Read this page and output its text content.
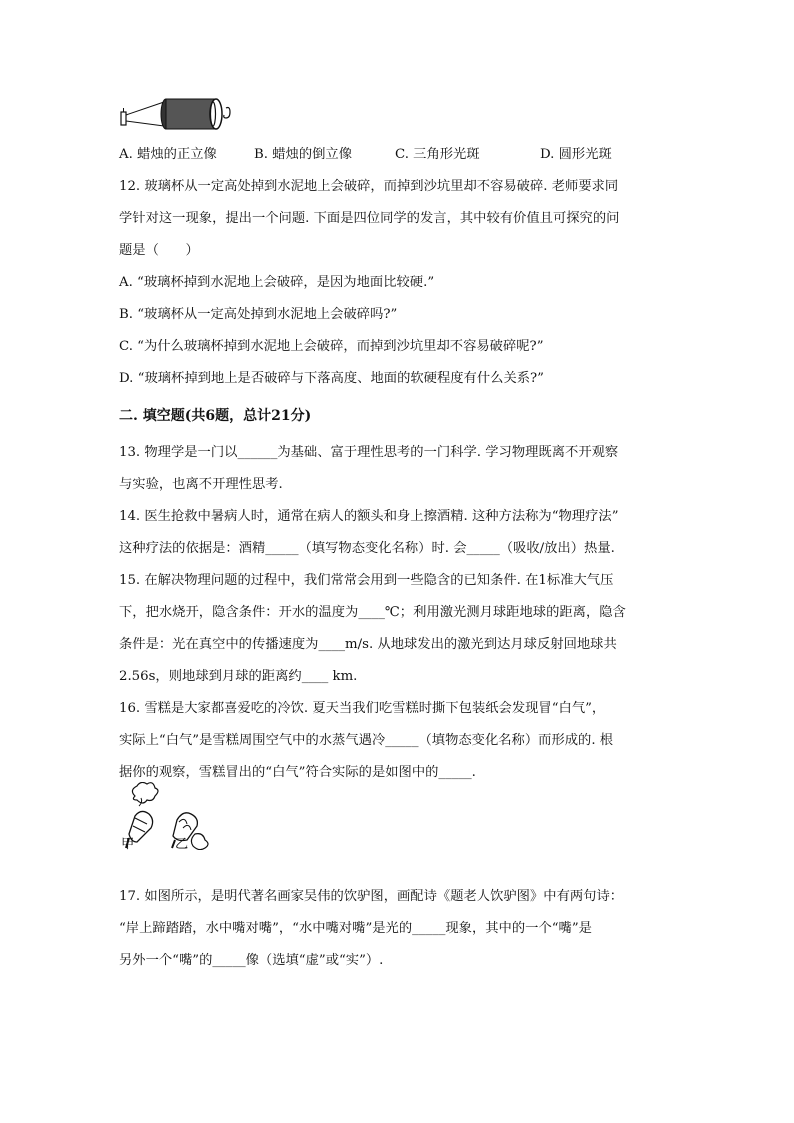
A. 蜡烛的正立像	B. 蜡烛的倒立像	C. 三角形光斑	D. 圆形光斑
12. 玻璃杯从一定高处掉到水泥地上会破碎，而掉到沙坑里却不容易破碎. 老师要求同
学针对这一现象，提出一个问题. 下面是四位同学的发言，其中较有价值且可探究的问
题是（　　）
A. “玻璃杯掉到水泥地上会破碎，是因为地面比较硬.”
B. “玻璃杯从一定高处掉到水泥地上会破碎吗?”
C. “为什么玻璃杯掉到水泥地上会破碎，而掉到沙坑里却不容易破碎呢?”
D. “玻璃杯掉到地上是否破碎与下落高度、地面的软硬程度有什么关系?”
二. 填空题(共6题，总计21分)
13. 物理学是一门以______为基础、富于理性思考的一门科学. 学习物理既离不开观察
与实验，也离不开理性思考.
14. 医生抢救中暑病人时，通常在病人的额头和身上擦酒精. 这种方法称为“物理疗法”
这种疗法的依据是：酒精_____（填写物态变化名称）时. 会_____（吸收/放出）热量.
15. 在解决物理问题的过程中，我们常常会用到一些隐含的已知条件. 在1标准大气压
下，把水烧开，隐含条件：开水的温度为____℃；利用激光测月球距地球的距离，隐含
条件是：光在真空中的传播速度为____m/s. 从地球发出的激光到达月球反射回地球共
2.56s，则地球到月球的距离约____ km.
16. 雪糕是大家都喜爱吃的冷饮. 夏天当我们吃雪糕时撕下包装纸会发现冒“白气”，
实际上“白气”是雪糕周围空气中的水蒸气遇冷_____（填物态变化名称）而形成的. 根
据你的观察，雪糕冒出的“白气”符合实际的是如图中的_____.
甲	乙
17. 如图所示，是明代著名画家吴伟的饮驴图，画配诗《题老人饮驴图》中有两句诗：
“岸上蹄踏踏，水中嘴对嘴”，“水中嘴对嘴”是光的_____现象，其中的一个“嘴”是
另外一个“嘴”的_____像（选填“虚”或“实”）.
